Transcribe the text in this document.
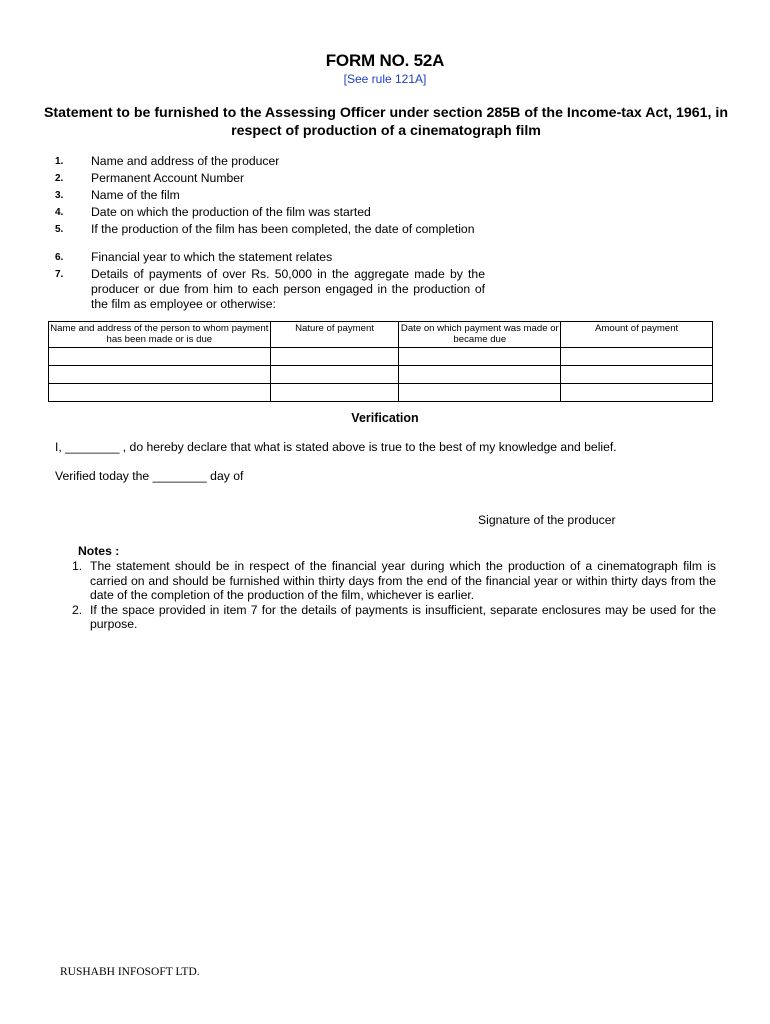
FORM NO. 52A
[See rule 121A]
Statement to be furnished to the Assessing Officer under section 285B of the Income-tax Act, 1961, in respect of production of a cinematograph film
1. Name and address of the producer
2. Permanent Account Number
3. Name of the film
4. Date on which the production of the film was started
5. If the production of the film has been completed, the date of completion
6. Financial year to which the statement relates
7. Details of payments of over Rs. 50,000 in the aggregate made by the producer or due from him to each person engaged in the production of the film as employee or otherwise:
Name and address of the person to whom payment has been made or is due	Nature of payment	Date on which payment was made or became due	Amount of payment

Verification
I, ________ , do hereby declare that what is stated above is true to the best of my knowledge and belief.
Verified today the ________ day of
Signature of the producer
Notes :
1. The statement should be in respect of the financial year during which the production of a cinematograph film is carried on and should be furnished within thirty days from the end of the financial year or within thirty days from the date of the completion of the production of the film, whichever is earlier.
2. If the space provided in item 7 for the details of payments is insufficient, separate enclosures may be used for the purpose.
RUSHABH INFOSOFT LTD.
